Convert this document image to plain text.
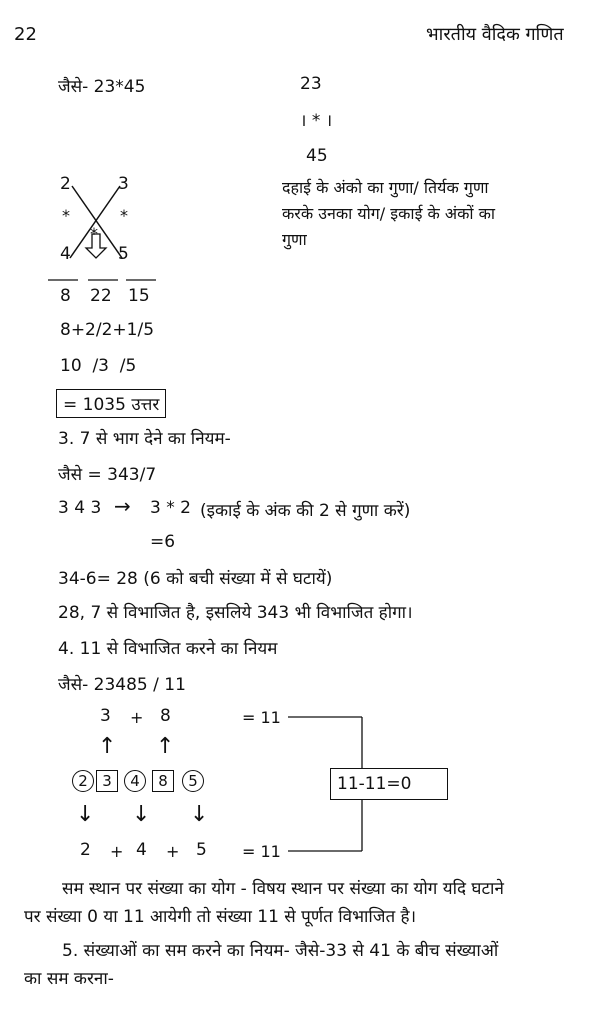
22	भारतीय वैदिक गणित
जैसे- 23*45	23
। * ।
45
2	3
*	*
*
4	5
दहाई के अंको का गुणा/ तिर्यक गुणा
करके उनका योग/ इकाई के अंकों का
गुणा
8 22 15
8+2/2+1/5
10  /3  /5
= 1035 उत्तर
3. 7 से भाग देने का नियम-
जैसे = 343/7
3 4 3 → 3 * 2 (इकाई के अंक की 2 से गुणा करें)
=6
34-6= 28 (6 को बची संख्या में से घटायें)
28, 7 से विभाजित है, इसलिये 343 भी विभाजित होगा।
4. 11 से विभाजित करने का नियम
जैसे- 23485 / 11
3 + 8	= 11
↑ ↑
2 3 4 8 5	11-11=0
↓ ↓ ↓
2 + 4 + 5 = 11
सम स्थान पर संख्या का योग - विषय स्थान पर संख्या का योग यदि घटाने
पर संख्या 0 या 11 आयेगी तो संख्या 11 से पूर्णत विभाजित है।
5. संख्याओं का सम करने का नियम- जैसे-33 से 41 के बीच संख्याओं
का सम करना-
